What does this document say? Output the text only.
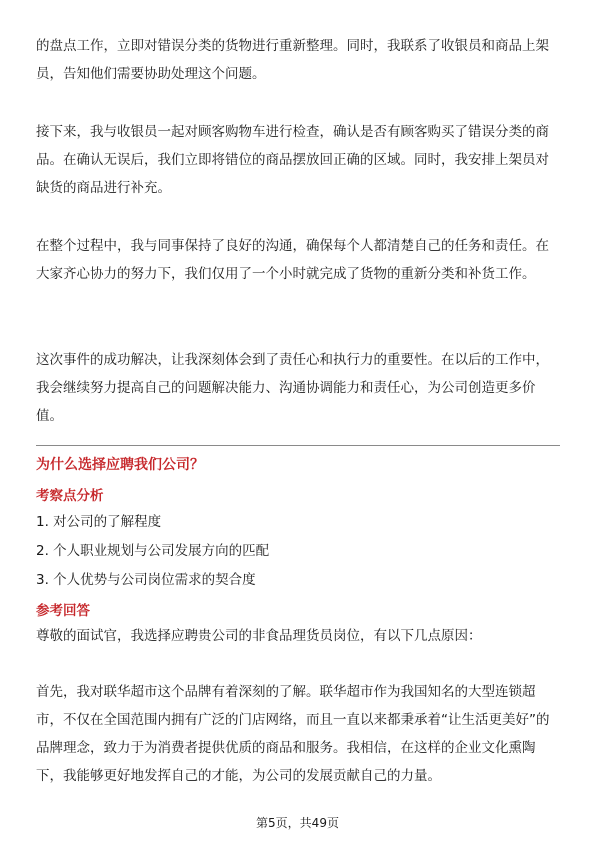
的盘点工作，立即对错误分类的货物进行重新整理。同时，我联系了收银员和商品上架员，告知他们需要协助处理这个问题。

接下来，我与收银员一起对顾客购物车进行检查，确认是否有顾客购买了错误分类的商品。在确认无误后，我们立即将错位的商品摆放回正确的区域。同时，我安排上架员对缺货的商品进行补充。

在整个过程中，我与同事保持了良好的沟通，确保每个人都清楚自己的任务和责任。在大家齐心协力的努力下，我们仅用了一个小时就完成了货物的重新分类和补货工作。

这次事件的成功解决，让我深刻体会到了责任心和执行力的重要性。在以后的工作中，我会继续努力提高自己的问题解决能力、沟通协调能力和责任心，为公司创造更多价值。

为什么选择应聘我们公司？
考察点分析

1. 对公司的了解程度

2. 个人职业规划与公司发展方向的匹配

3. 个人优势与公司岗位需求的契合度

参考回答

尊敬的面试官，我选择应聘贵公司的非食品理货员岗位，有以下几点原因：

首先，我对联华超市这个品牌有着深刻的了解。联华超市作为我国知名的大型连锁超市，不仅在全国范围内拥有广泛的门店网络，而且一直以来都秉承着“让生活更美好”的品牌理念，致力于为消费者提供优质的商品和服务。我相信，在这样的企业文化熏陶下，我能够更好地发挥自己的才能，为公司的发展贡献自己的力量。

第5页，共49页
